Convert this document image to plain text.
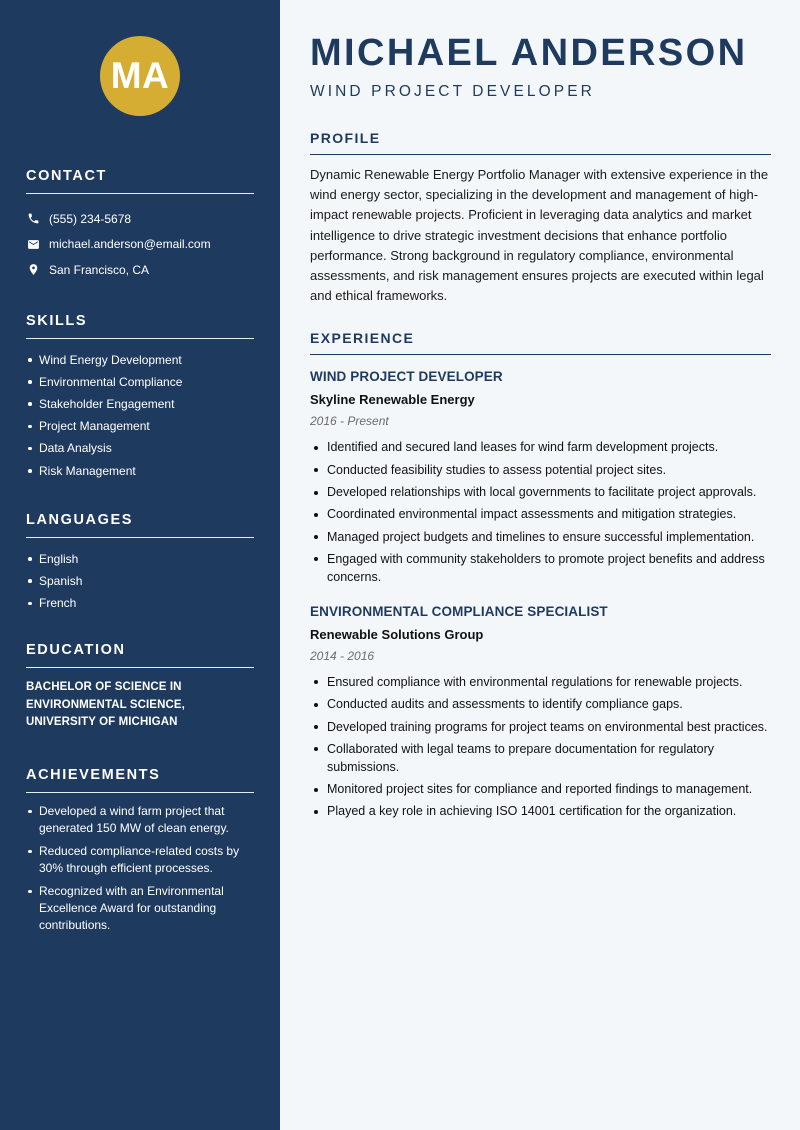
MA
CONTACT
(555) 234-5678
michael.anderson@email.com
San Francisco, CA
SKILLS
Wind Energy Development
Environmental Compliance
Stakeholder Engagement
Project Management
Data Analysis
Risk Management
LANGUAGES
English
Spanish
French
EDUCATION
BACHELOR OF SCIENCE IN ENVIRONMENTAL SCIENCE, UNIVERSITY OF MICHIGAN
ACHIEVEMENTS
Developed a wind farm project that generated 150 MW of clean energy.
Reduced compliance-related costs by 30% through efficient processes.
Recognized with an Environmental Excellence Award for outstanding contributions.
MICHAEL ANDERSON
WIND PROJECT DEVELOPER
PROFILE

Dynamic Renewable Energy Portfolio Manager with extensive experience in the wind energy sector, specializing in the development and management of high-impact renewable projects. Proficient in leveraging data analytics and market intelligence to drive strategic investment decisions that enhance portfolio performance. Strong background in regulatory compliance, environmental assessments, and risk management ensures projects are executed within legal and ethical frameworks.

EXPERIENCE
WIND PROJECT DEVELOPER
Skyline Renewable Energy
2016 - Present
Identified and secured land leases for wind farm development projects.
Conducted feasibility studies to assess potential project sites.
Developed relationships with local governments to facilitate project approvals.
Coordinated environmental impact assessments and mitigation strategies.
Managed project budgets and timelines to ensure successful implementation.
Engaged with community stakeholders to promote project benefits and address concerns.
ENVIRONMENTAL COMPLIANCE SPECIALIST
Renewable Solutions Group
2014 - 2016
Ensured compliance with environmental regulations for renewable projects.
Conducted audits and assessments to identify compliance gaps.
Developed training programs for project teams on environmental best practices.
Collaborated with legal teams to prepare documentation for regulatory submissions.
Monitored project sites for compliance and reported findings to management.
Played a key role in achieving ISO 14001 certification for the organization.
